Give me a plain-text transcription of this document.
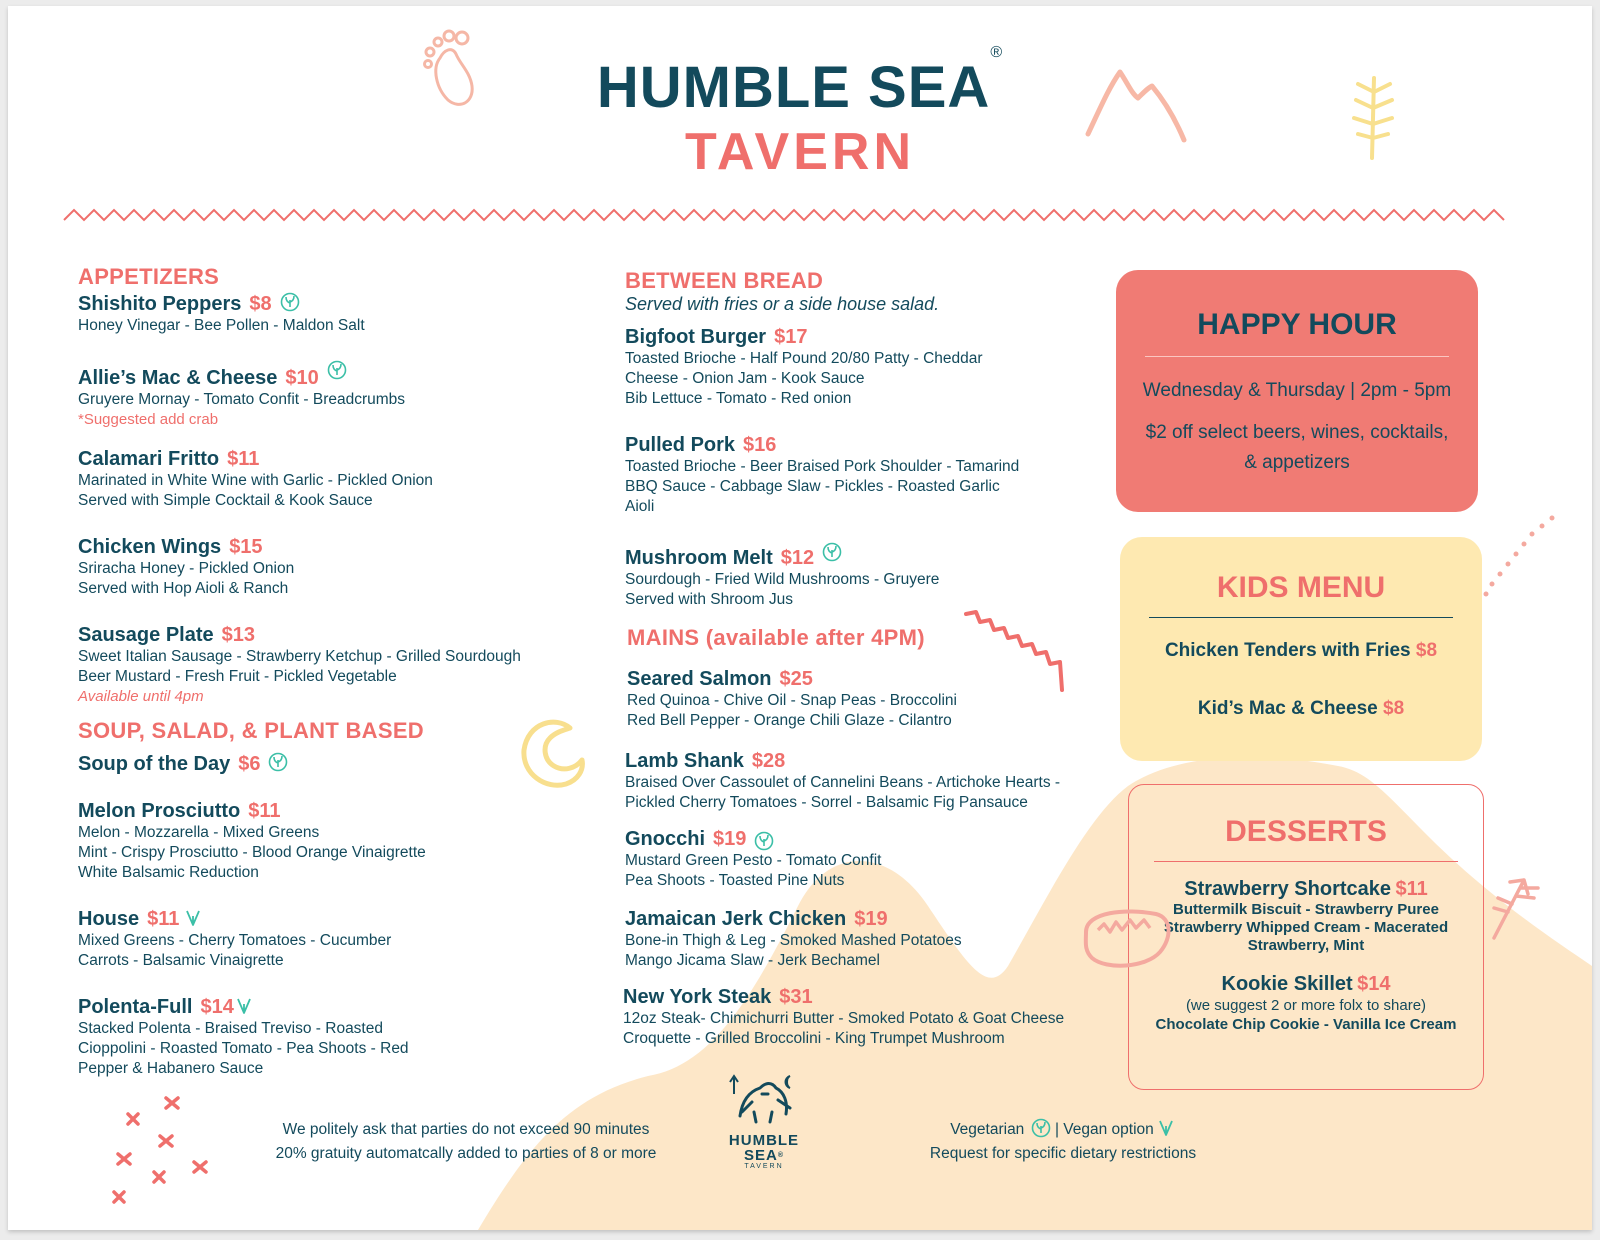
HUMBLE SEA®
TAVERN
APPETIZERS
Shishito Peppers $8
Honey Vinegar - Bee Pollen - Maldon Salt
Allie’s Mac & Cheese $10
Gruyere Mornay - Tomato Confit - Breadcrumbs
*Suggested add crab
Calamari Fritto $11
Marinated in White Wine with Garlic - Pickled Onion
Served with Simple Cocktail & Kook Sauce
Chicken Wings $15
Sriracha Honey - Pickled Onion
Served with Hop Aioli & Ranch
Sausage Plate $13
Sweet Italian Sausage - Strawberry Ketchup - Grilled Sourdough
Beer Mustard - Fresh Fruit - Pickled Vegetable
Available until 4pm
SOUP, SALAD, & PLANT BASED
Soup of the Day $6
Melon Prosciutto $11
Melon - Mozzarella - Mixed Greens
Mint - Crispy Prosciutto - Blood Orange Vinaigrette
White Balsamic Reduction
House $11
Mixed Greens - Cherry Tomatoes - Cucumber
Carrots - Balsamic Vinaigrette
Polenta-Full $14
Stacked Polenta - Braised Treviso - Roasted
Cioppolini - Roasted Tomato - Pea Shoots - Red
Pepper & Habanero Sauce
BETWEEN BREAD
Served with fries or a side house salad.
Bigfoot Burger $17
Toasted Brioche - Half Pound 20/80 Patty - Cheddar
Cheese - Onion Jam - Kook Sauce
Bib Lettuce - Tomato - Red onion
Pulled Pork $16
Toasted Brioche - Beer Braised Pork Shoulder - Tamarind
BBQ Sauce - Cabbage Slaw - Pickles - Roasted Garlic
Aioli
Mushroom Melt $12
Sourdough - Fried Wild Mushrooms - Gruyere
Served with Shroom Jus
MAINS (available after 4PM)
Seared Salmon $25
Red Quinoa - Chive Oil - Snap Peas - Broccolini
Red Bell Pepper - Orange Chili Glaze - Cilantro
Lamb Shank $28
Braised Over Cassoulet of Cannelini Beans - Artichoke Hearts -
Pickled Cherry Tomatoes - Sorrel - Balsamic Fig Pansauce
Gnocchi $19
Mustard Green Pesto - Tomato Confit
Pea Shoots - Toasted Pine Nuts
Jamaican Jerk Chicken $19
Bone-in Thigh & Leg - Smoked Mashed Potatoes
Mango Jicama Slaw - Jerk Bechamel
New York Steak $31
12oz Steak- Chimichurri Butter - Smoked Potato & Goat Cheese
Croquette - Grilled Broccolini - King Trumpet Mushroom
HAPPY HOUR
Wednesday & Thursday | 2pm - 5pm
$2 off select beers, wines, cocktails,
& appetizers
KIDS MENU
Chicken Tenders with Fries $8
Kid’s Mac & Cheese $8
DESSERTS
Strawberry Shortcake $11
Buttermilk Biscuit - Strawberry Puree
Strawberry Whipped Cream - Macerated
Strawberry, Mint
Kookie Skillet $14
(we suggest 2 or more folx to share)
Chocolate Chip Cookie - Vanilla Ice Cream
We politely ask that parties do not exceed 90 minutes
20% gratuity automatcally added to parties of 8 or more
HUMBLE
SEA®
TAVERN
Vegetarian | Vegan option
Request for specific dietary restrictions
